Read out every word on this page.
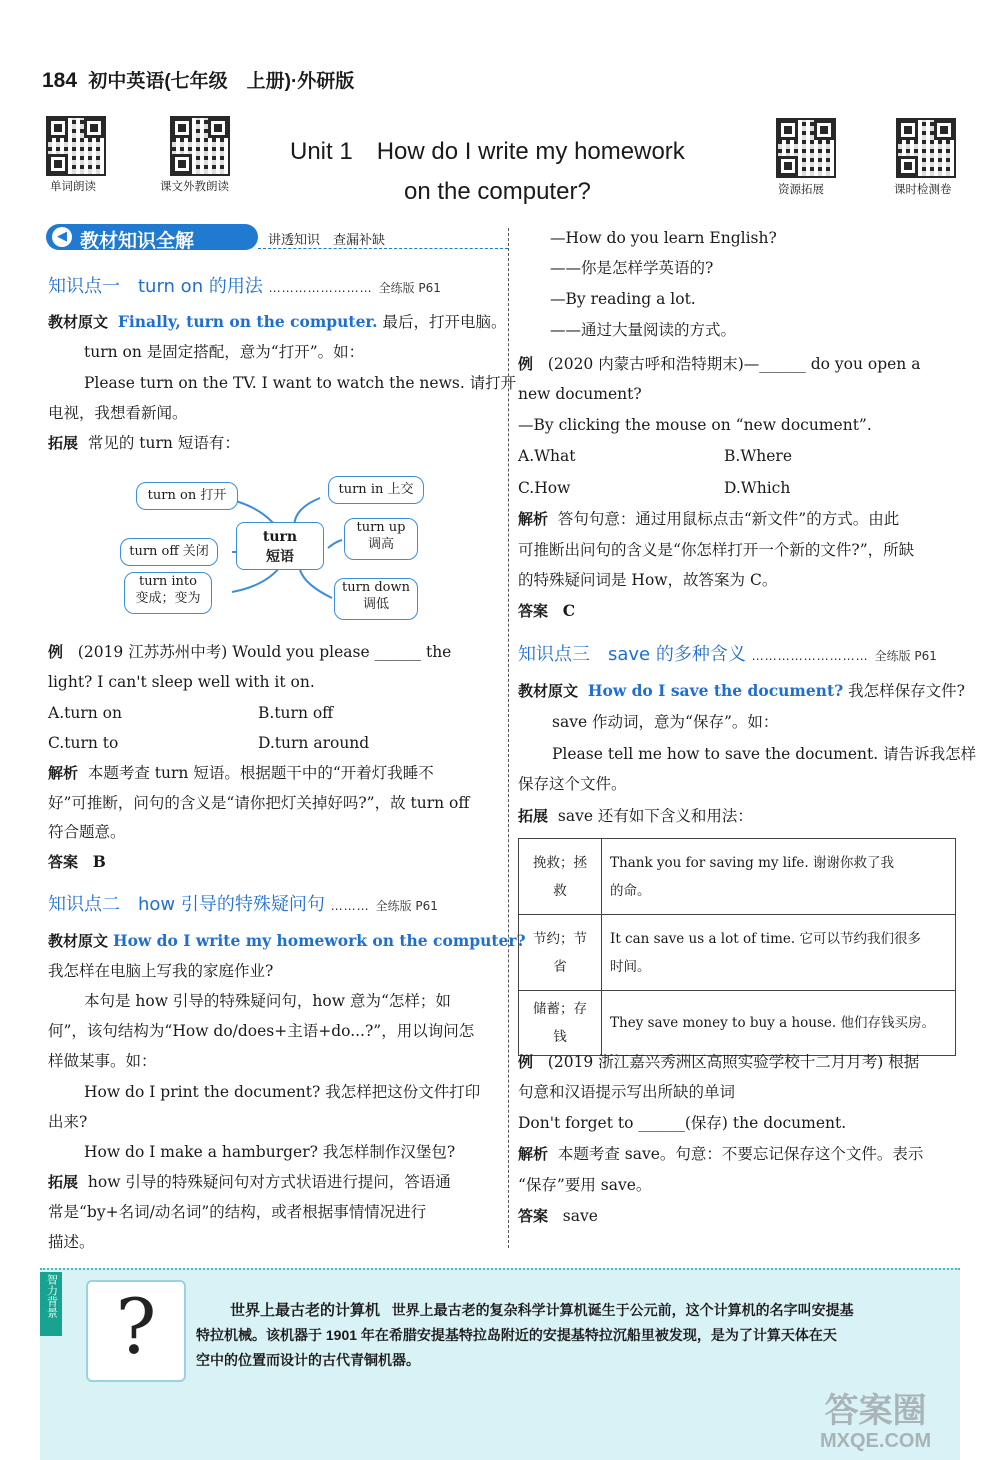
184 初中英语(七年级　上册)·外研版
单词朗读	课文外教朗读	资源拓展	课时检测卷
Unit 1　How do I write my homework
on the computer?
◀ 教材知识全解	讲透知识　查漏补缺
知识点一　turn on 的用法 …………………… 全练版 P61
教材原文 Finally, turn on the computer. 最后，打开电脑。
turn on 是固定搭配，意为“打开”。如：
Please turn on the TV. I want to watch the news. 请打开
电视，我想看新闻。
拓展 常见的 turn 短语有：
turn
短语
turn on 打开
turn off 关闭
turn into
变成；变为
turn in 上交
turn up
调高
turn down
调低
例 (2019 江苏苏州中考) Would you please ______ the
light? I can't sleep well with it on.
A.turn on	B.turn off
C.turn to	D.turn around
解析 本题考查 turn 短语。根据题干中的“开着灯我睡不
好”可推断，问句的含义是“请你把灯关掉好吗?”，故 turn off
符合题意。
答案 B
知识点二　how 引导的特殊疑问句 ……… 全练版 P61
教材原文 How do I write my homework on the computer?
我怎样在电脑上写我的家庭作业?
本句是 how 引导的特殊疑问句，how 意为“怎样；如
何”，该句结构为“How do/does+主语+do...?”，用以询问怎
样做某事。如：
How do I print the document? 我怎样把这份文件打印
出来?
How do I make a hamburger? 我怎样制作汉堡包?
拓展 how 引导的特殊疑问句对方式状语进行提问，答语通
常是“by+名词/动名词”的结构，或者根据事情情况进行
描述。
—How do you learn English?
——你是怎样学英语的?
—By reading a lot.
——通过大量阅读的方式。
例 (2020 内蒙古呼和浩特期末)—______ do you open a
new document?
—By clicking the mouse on “new document”.
A.What	B.Where
C.How	D.Which
解析 答句句意：通过用鼠标点击“新文件”的方式。由此
可推断出问句的含义是“你怎样打开一个新的文件?”，所缺
的特殊疑问词是 How，故答案为 C。
答案 C
知识点三　save 的多种含义 ……………………… 全练版 P61
教材原文 How do I save the document? 我怎样保存文件?
save 作动词，意为“保存”。如：
Please tell me how to save the document. 请告诉我怎样
保存这个文件。
拓展 save 还有如下含义和用法：
挽救；拯救	Thank you for saving my life. 谢谢你救了我
的命。

节约；节省	It can save us a lot of time. 它可以节约我们很多
时间。

储蓄；存钱	They save money to buy a house. 他们存钱买房。
例 (2019 浙江嘉兴秀洲区高照实验学校十二月月考) 根据
句意和汉语提示写出所缺的单词
Don't forget to ______(保存) the document.
解析 本题考查 save。句意：不要忘记保存这个文件。表示
“保存”要用 save。
答案 save
智力背景 ?	世界上最古老的计算机 世界上最古老的复杂科学计算机诞生于公元前，这个计算机的名字叫安提基
特拉机械。该机器于 1901 年在希腊安提基特拉岛附近的安提基特拉沉船里被发现，是为了计算天体在天
空中的位置而设计的古代青铜机器。
答案圈
MXQE.COM
